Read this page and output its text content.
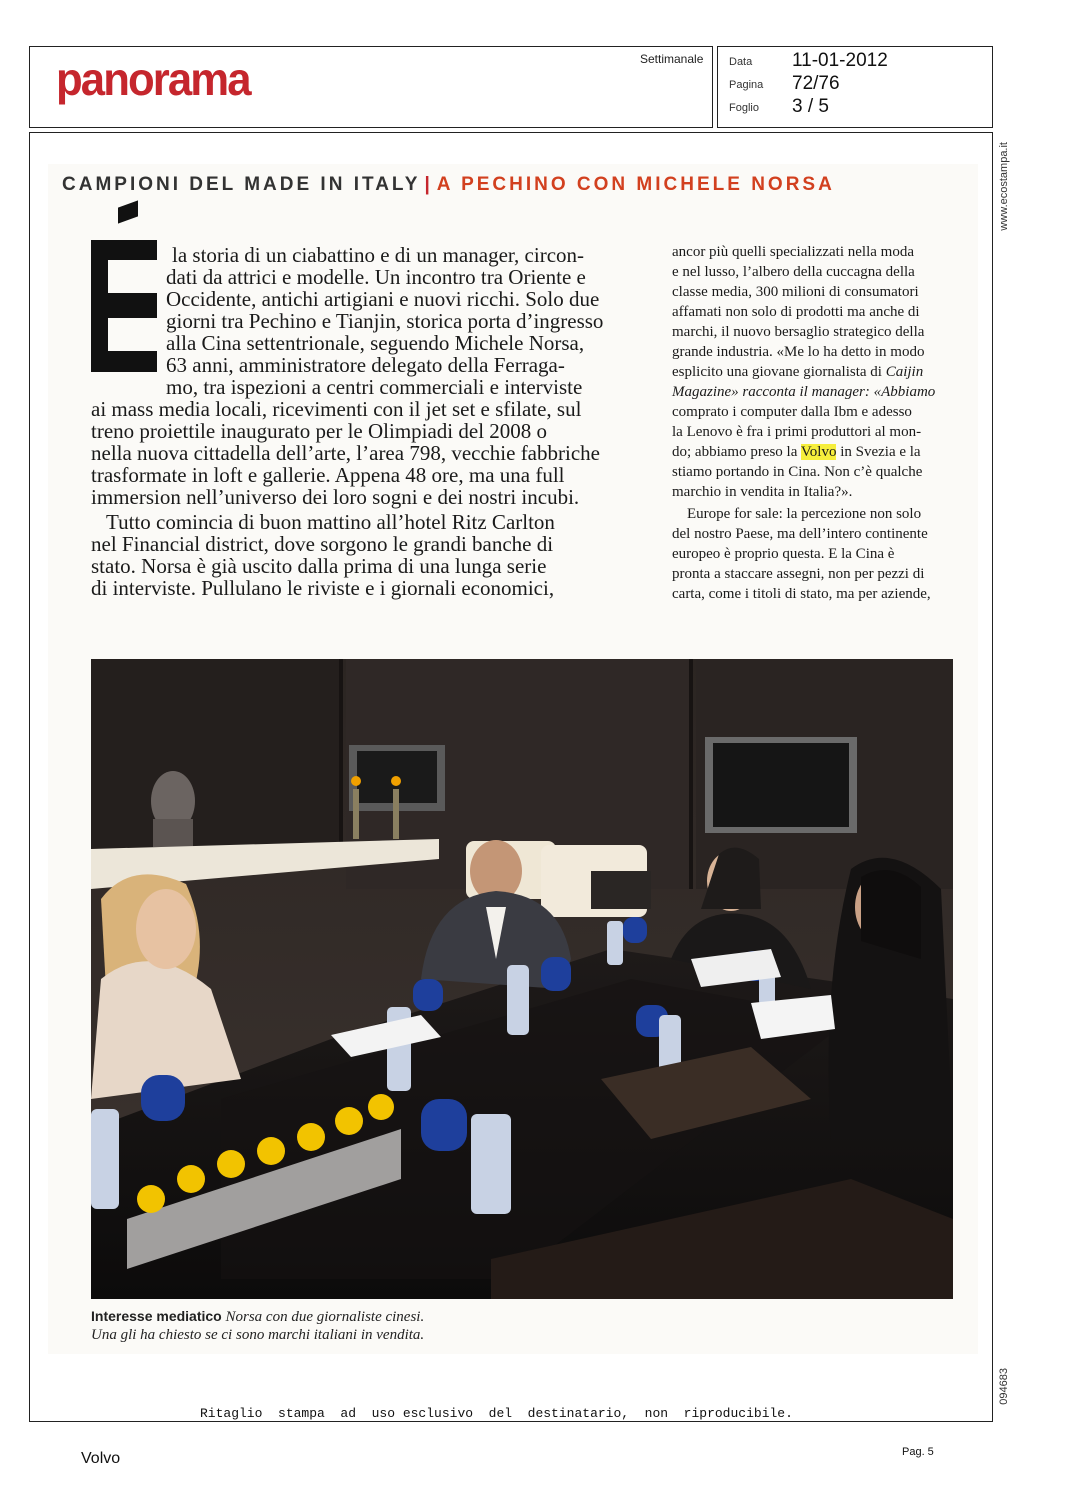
panorama	Settimanale Data 11-01-2012
Pagina 72/76
Foglio 3 / 5
www.ecostampa.it
094683
CAMPIONI DEL MADE IN ITALY | A PECHINO CON MICHELE NORSA
la storia di un ciabattino e di un manager, circon-
dati da attrici e modelle. Un incontro tra Oriente e
Occidente, antichi artigiani e nuovi ricchi. Solo due
giorni tra Pechino e Tianjin, storica porta d’ingresso
alla Cina settentrionale, seguendo Michele Norsa,
63 anni, amministratore delegato della Ferraga-
mo, tra ispezioni a centri commerciali e interviste
ai mass media locali, ricevimenti con il jet set e sfilate, sul
treno proiettile inaugurato per le Olimpiadi del 2008 o
nella nuova cittadella dell’arte, l’area 798, vecchie fabbriche
trasformate in loft e gallerie. Appena 48 ore, ma una full
immersion nell’universo dei loro sogni e dei nostri incubi.
Tutto comincia di buon mattino all’hotel Ritz Carlton
nel Financial district, dove sorgono le grandi banche di
stato. Norsa è già uscito dalla prima di una lunga serie
di interviste. Pullulano le riviste e i giornali economici,
ancor più quelli specializzati nella moda
e nel lusso, l’albero della cuccagna della
classe media, 300 milioni di consumatori
affamati non solo di prodotti ma anche di
marchi, il nuovo bersaglio strategico della
grande industria. «Me lo ha detto in modo
esplicito una giovane giornalista di Caijin
Magazine» racconta il manager: «Abbiamo
comprato i computer dalla Ibm e adesso
la Lenovo è fra i primi produttori al mon-
do; abbiamo preso la Volvo in Svezia e la
stiamo portando in Cina. Non c’è qualche
marchio in vendita in Italia?».
Europe for sale: la percezione non solo
del nostro Paese, ma dell’intero continente
europeo è proprio questa. E la Cina è
pronta a staccare assegni, non per pezzi di
carta, come i titoli di stato, ma per aziende,
Interesse mediatico Norsa con due giornaliste cinesi.
Una gli ha chiesto se ci sono marchi italiani in vendita.
Ritaglio  stampa  ad  uso esclusivo  del  destinatario,  non  riproducibile.
Volvo	Pag. 5
